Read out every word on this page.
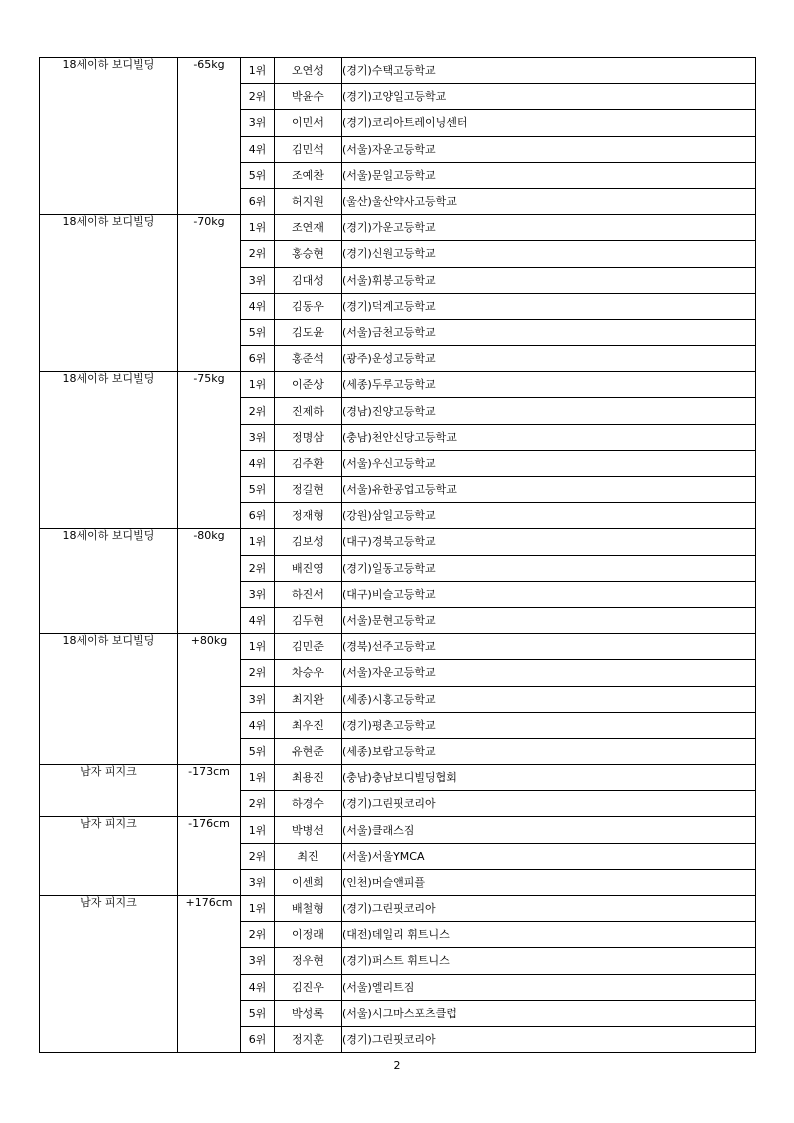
18세이하 보디빌딩	-65kg	1위	오연성	(경기)수택고등학교
		2위	박윤수	(경기)고양일고등학교
		3위	이민서	(경기)코리아트레이닝센터
		4위	김민석	(서울)자운고등학교
		5위	조예찬	(서울)문일고등학교
		6위	허지원	(울산)울산약사고등학교
18세이하 보디빌딩	-70kg	1위	조연재	(경기)가운고등학교
		2위	홍승현	(경기)신원고등학교
		3위	김대성	(서울)휘봉고등학교
		4위	김동우	(경기)덕계고등학교
		5위	김도윤	(서울)금천고등학교
		6위	홍준석	(광주)운성고등학교
18세이하 보디빌딩	-75kg	1위	이준상	(세종)두루고등학교
		2위	진제하	(경남)진양고등학교
		3위	정명삼	(충남)천안신당고등학교
		4위	김주환	(서울)우신고등학교
		5위	정길현	(서울)유한공업고등학교
		6위	정재형	(강원)삼일고등학교
18세이하 보디빌딩	-80kg	1위	김보성	(대구)경북고등학교
		2위	배진영	(경기)일동고등학교
		3위	하진서	(대구)비슬고등학교
		4위	김두현	(서울)문현고등학교
18세이하 보디빌딩	+80kg	1위	김민준	(경북)선주고등학교
		2위	차승우	(서울)자운고등학교
		3위	최지완	(세종)시홍고등학교
		4위	최우진	(경기)평촌고등학교
		5위	유현준	(세종)보람고등학교
남자 피지크	-173cm	1위	최용진	(충남)충남보디빌딩협회
		2위	하경수	(경기)그린핏코리아
남자 피지크	-176cm	1위	박병선	(서울)클래스짐
		2위	최진	(서울)서울YMCA
		3위	이센희	(인천)머슬앤피플
남자 피지크	+176cm	1위	배철형	(경기)그린핏코리아
		2위	이정래	(대전)데일리 휘트니스
		3위	정우현	(경기)퍼스트 휘트니스
		4위	김진우	(서울)엘리트짐
		5위	박성록	(서울)시그마스포츠클럽
		6위	정지훈	(경기)그린핏코리아
2
